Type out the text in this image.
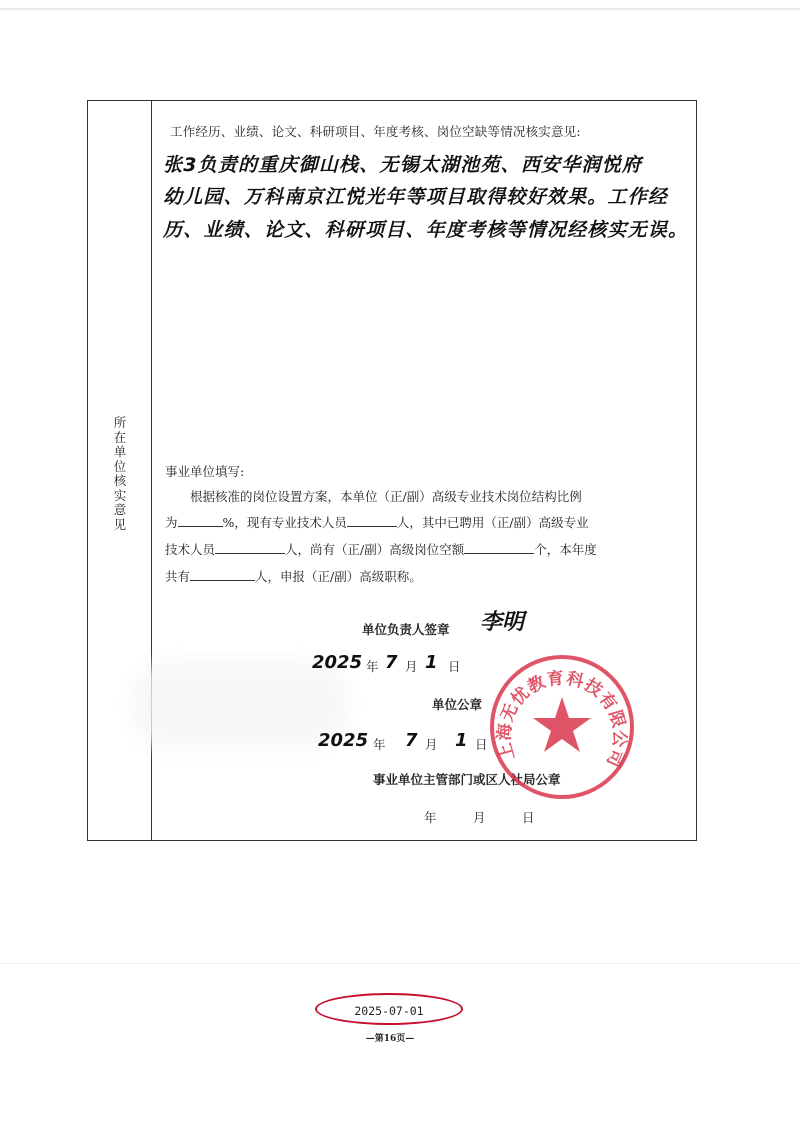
所在单位核实意见
工作经历、业绩、论文、科研项目、年度考核、岗位空缺等情况核实意见:
张3负责的重庆御山栈、无锡太湖池苑、西安华润悦府
幼儿园、万科南京江悦光年等项目取得较好效果。工作经
历、业绩、论文、科研项目、年度考核等情况经核实无误。
事业单位填写:
根据核准的岗位设置方案，本单位（正/副）高级专业技术岗位结构比例
为	%，现有专业技术人员	人，其中已聘用（正/副）高级专业
技术人员	人，尚有（正/副）高级岗位空额	个，本年度
共有	人，申报（正/副）高级职称。
单位负责人签章 李明
2025 年 7 月 1 日
单位公章
2025 年 7 月 1 日
事业单位主管部门或区人社局公章
年	月	日
上海无忧教育科技有限公司
2025-07-01
—第16页—
